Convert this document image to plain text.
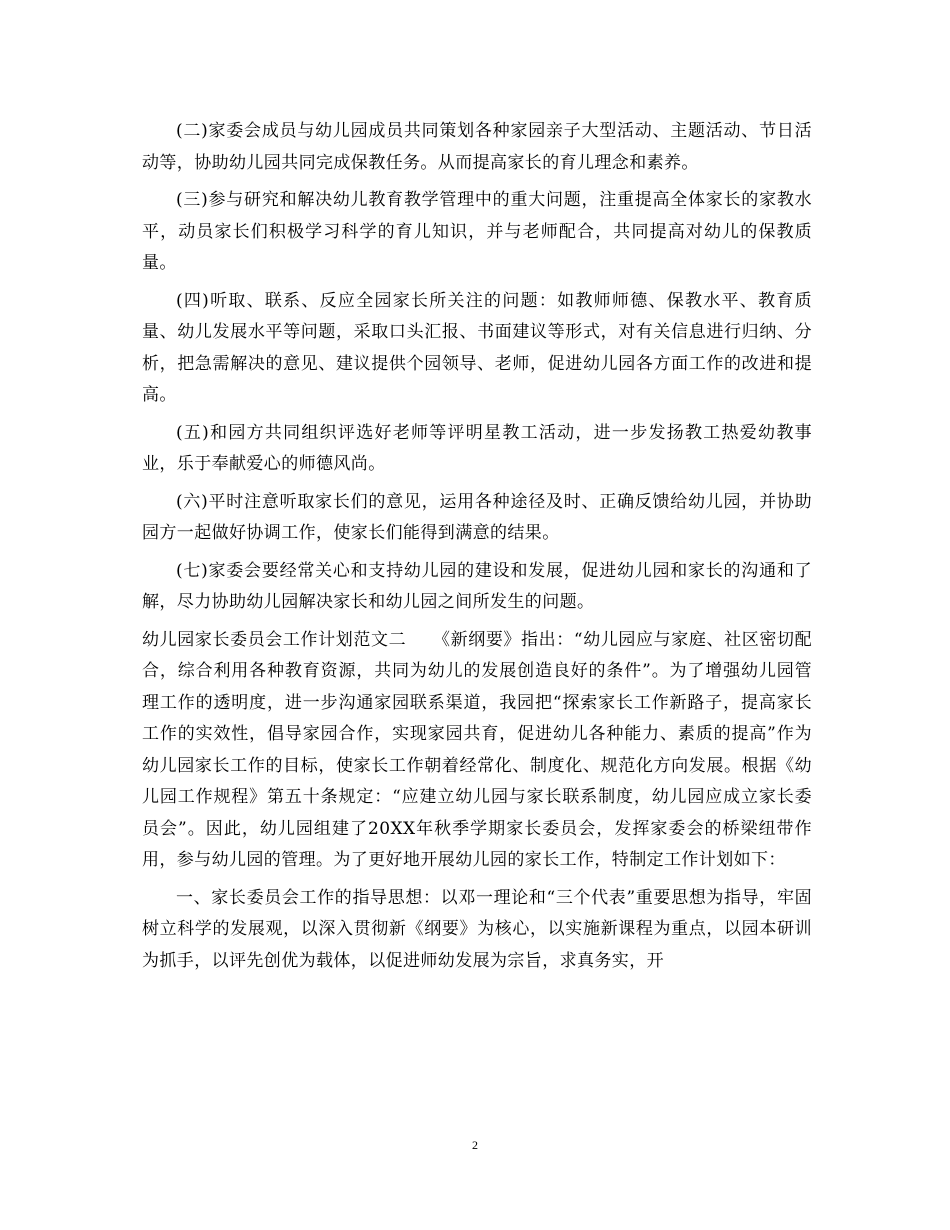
(二)家委会成员与幼儿园成员共同策划各种家园亲子大型活动、主题活动、节日活动等，协助幼儿园共同完成保教任务。从而提高家长的育儿理念和素养。

(三)参与研究和解决幼儿教育教学管理中的重大问题，注重提高全体家长的家教水平，动员家长们积极学习科学的育儿知识，并与老师配合，共同提高对幼儿的保教质量。

(四)听取、联系、反应全园家长所关注的问题：如教师师德、保教水平、教育质量、幼儿发展水平等问题，采取口头汇报、书面建议等形式，对有关信息进行归纳、分析，把急需解决的意见、建议提供个园领导、老师，促进幼儿园各方面工作的改进和提高。

(五)和园方共同组织评选好老师等评明星教工活动，进一步发扬教工热爱幼教事业，乐于奉献爱心的师德风尚。

(六)平时注意听取家长们的意见，运用各种途径及时、正确反馈给幼儿园，并协助园方一起做好协调工作，使家长们能得到满意的结果。

(七)家委会要经常关心和支持幼儿园的建设和发展，促进幼儿园和家长的沟通和了解，尽力协助幼儿园解决家长和幼儿园之间所发生的问题。

幼儿园家长委员会工作计划范文二　　《新纲要》指出：“幼儿园应与家庭、社区密切配合，综合利用各种教育资源，共同为幼儿的发展创造良好的条件”。为了增强幼儿园管理工作的透明度，进一步沟通家园联系渠道，我园把“探索家长工作新路子，提高家长工作的实效性，倡导家园合作，实现家园共育，促进幼儿各种能力、素质的提高”作为幼儿园家长工作的目标，使家长工作朝着经常化、制度化、规范化方向发展。根据《幼儿园工作规程》第五十条规定：“应建立幼儿园与家长联系制度，幼儿园应成立家长委员会”。因此，幼儿园组建了20XX年秋季学期家长委员会，发挥家委会的桥梁纽带作用，参与幼儿园的管理。为了更好地开展幼儿园的家长工作，特制定工作计划如下：

一、家长委员会工作的指导思想：以邓一理论和“三个代表”重要思想为指导，牢固树立科学的发展观，以深入贯彻新《纲要》为核心，以实施新课程为重点，以园本研训为抓手，以评先创优为载体，以促进师幼发展为宗旨，求真务实，开

2
